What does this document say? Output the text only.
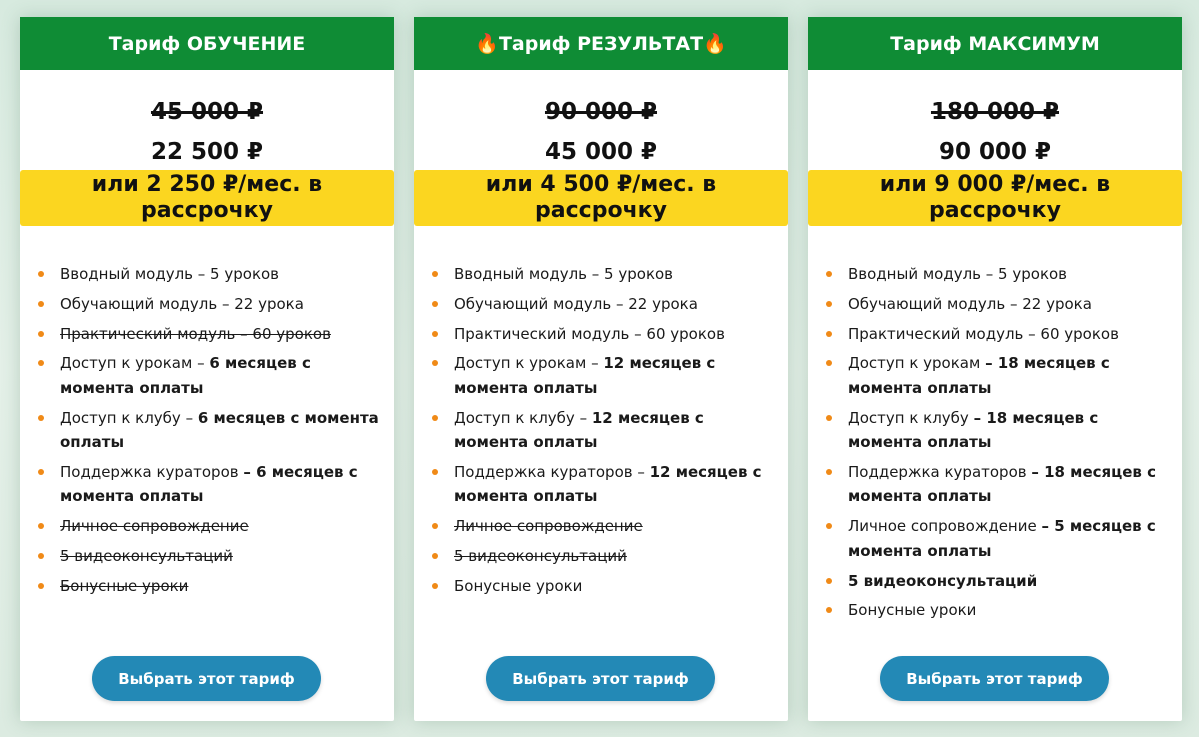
Тариф ОБУЧЕНИЕ
45 000 ₽
22 500 ₽
или 2 250 ₽/мес. в рассрочку
Вводный модуль – 5 уроков
Обучающий модуль – 22 урока
Практический модуль – 60 уроков
Доступ к урокам – 6 месяцев с момента оплаты
Доступ к клубу – 6 месяцев с момента оплаты
Поддержка кураторов – 6 месяцев с момента оплаты
Личное сопровождение
5 видеоконсультаций
Бонусные уроки
Выбрать этот тариф
🔥 Тариф РЕЗУЛЬТАТ 🔥
90 000 ₽
45 000 ₽
или 4 500 ₽/мес. в рассрочку
Вводный модуль – 5 уроков
Обучающий модуль – 22 урока
Практический модуль – 60 уроков
Доступ к урокам – 12 месяцев с момента оплаты
Доступ к клубу – 12 месяцев с момента оплаты
Поддержка кураторов – 12 месяцев с момента оплаты
Личное сопровождение
5 видеоконсультаций
Бонусные уроки
Выбрать этот тариф
Тариф МАКСИМУМ
180 000 ₽
90 000 ₽
или 9 000 ₽/мес. в рассрочку
Вводный модуль – 5 уроков
Обучающий модуль – 22 урока
Практический модуль – 60 уроков
Доступ к урокам – 18 месяцев с момента оплаты
Доступ к клубу – 18 месяцев с момента оплаты
Поддержка кураторов – 18 месяцев с момента оплаты
Личное сопровождение – 5 месяцев с момента оплаты
5 видеоконсультаций
Бонусные уроки
Выбрать этот тариф
